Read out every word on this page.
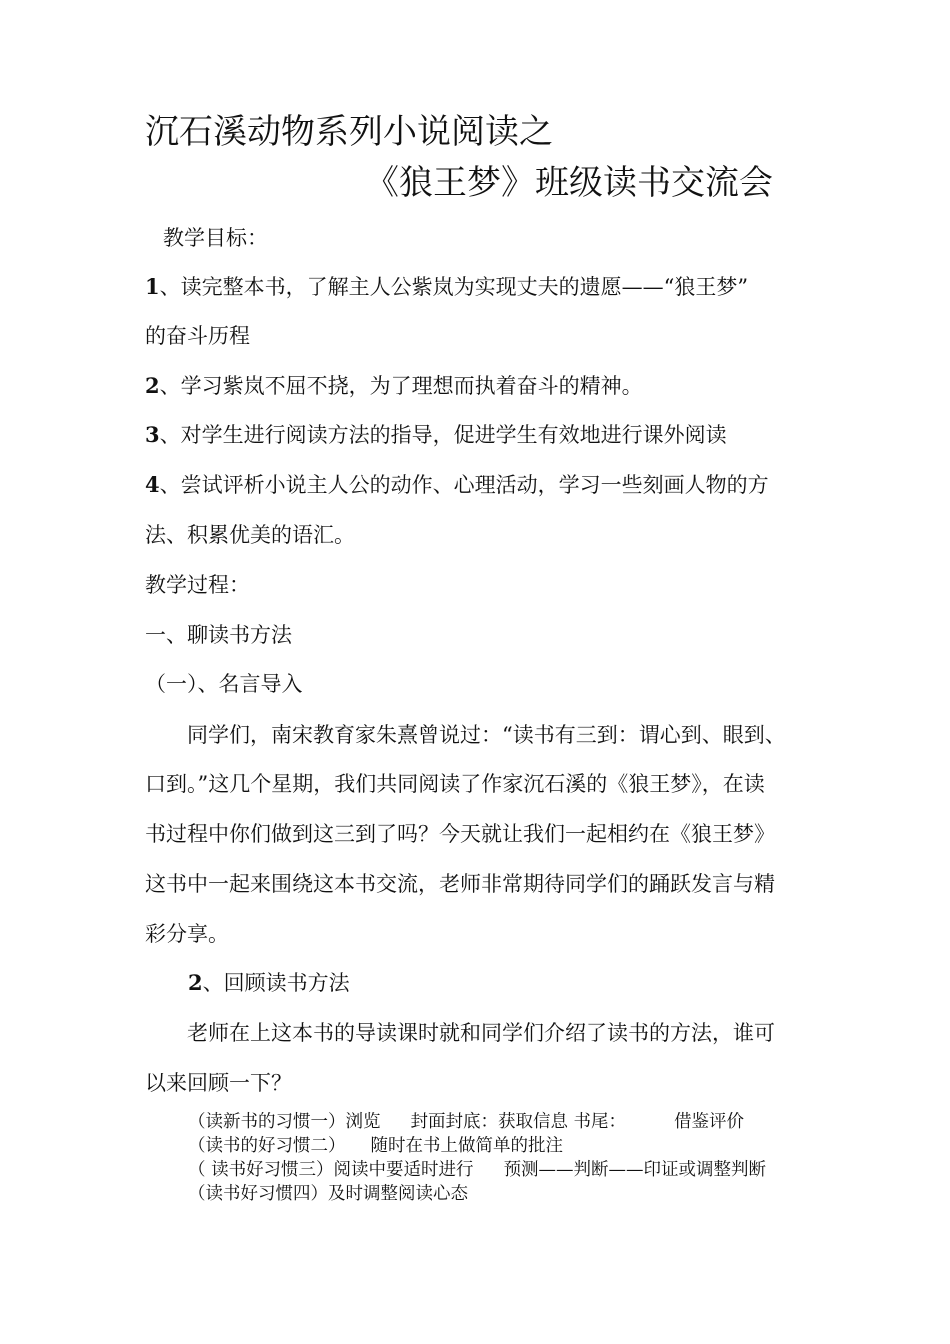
沉石溪动物系列小说阅读之
《狼王梦》班级读书交流会
教学目标：
1、读完整本书，了解主人公紫岚为实现丈夫的遗愿——“狼王梦”
的奋斗历程
2、学习紫岚不屈不挠，为了理想而执着奋斗的精神。
3、对学生进行阅读方法的指导，促进学生有效地进行课外阅读
4、尝试评析小说主人公的动作、心理活动，学习一些刻画人物的方
法、积累优美的语汇。
教学过程：
一、聊读书方法
（一）、名言导入
同学们，南宋教育家朱熹曾说过：“读书有三到：谓心到、眼到、
口到。”这几个星期，我们共同阅读了作家沉石溪的《狼王梦》，在读
书过程中你们做到这三到了吗？今天就让我们一起相约在《狼王梦》
这书中一起来围绕这本书交流，老师非常期待同学们的踊跃发言与精
彩分享。
2、回顾读书方法
老师在上这本书的导读课时就和同学们介绍了读书的方法，谁可
以来回顾一下？
（读新书的习惯一）浏览 封面封底：获取信息 书尾：	借鉴评价
（读书的好习惯二） 随时在书上做简单的批注
（ 读书好习惯三）阅读中要适时进行 预测——判断——印证或调整判断
（读书好习惯四）及时调整阅读心态
